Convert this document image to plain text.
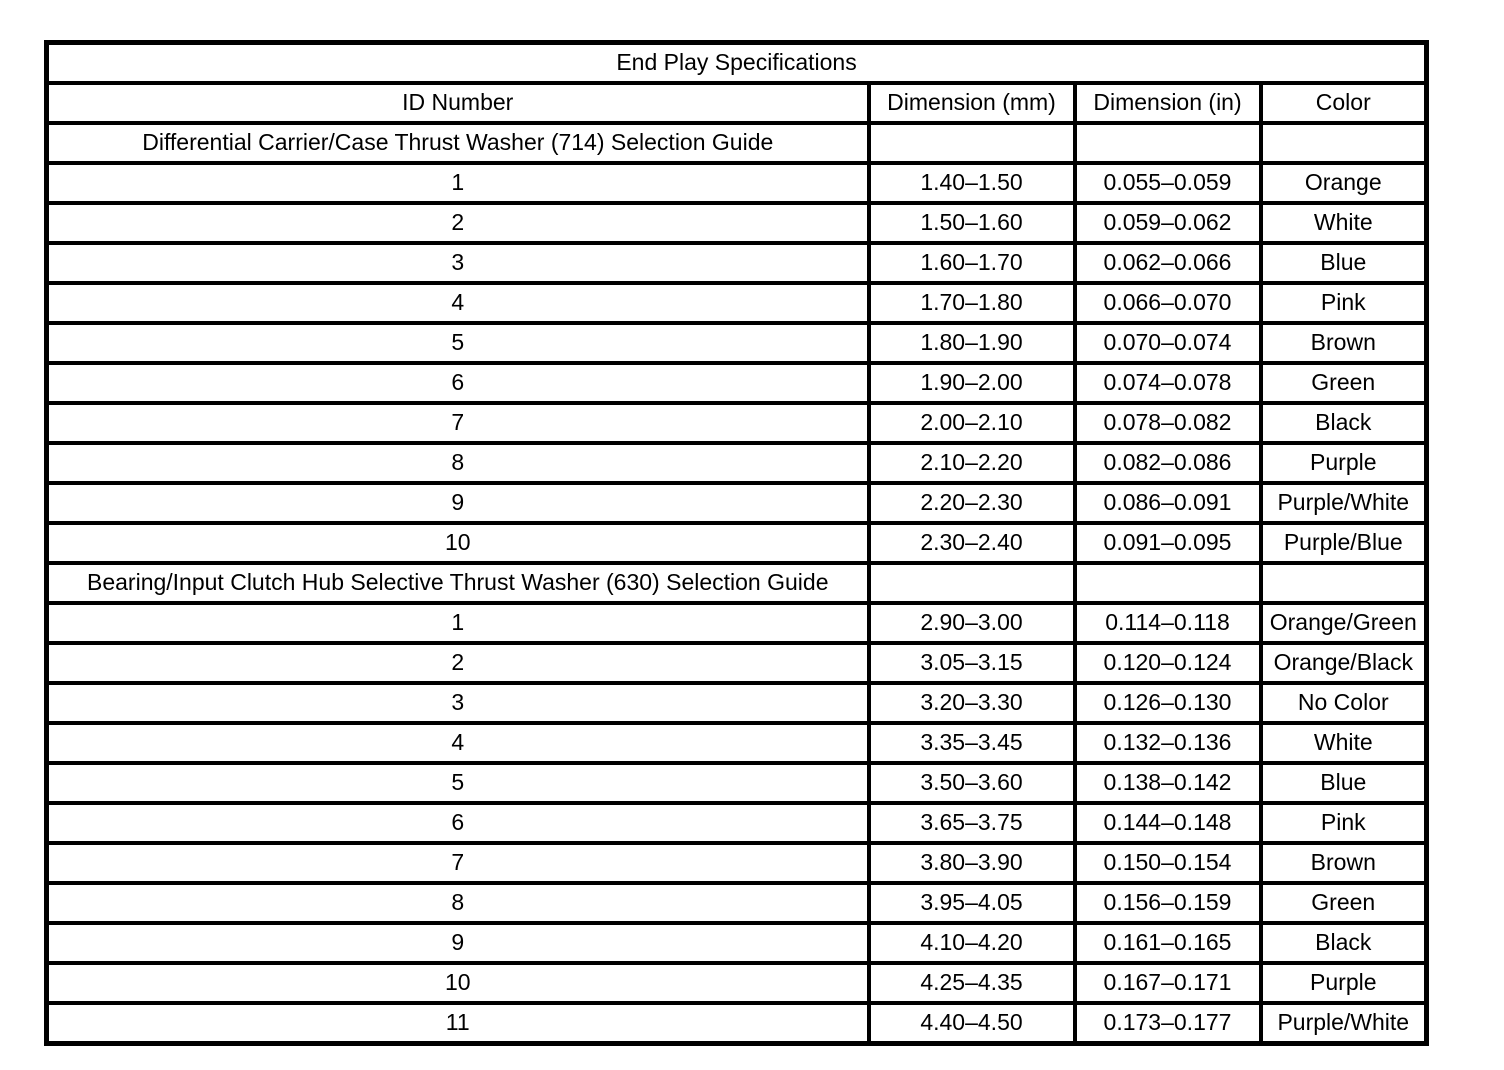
End Play Specifications			
ID Number	Dimension (mm)	Dimension (in)	Color
Differential Carrier/Case Thrust Washer (714) Selection Guide			
1	1.40–1.50	0.055–0.059	Orange
2	1.50–1.60	0.059–0.062	White
3	1.60–1.70	0.062–0.066	Blue
4	1.70–1.80	0.066–0.070	Pink
5	1.80–1.90	0.070–0.074	Brown
6	1.90–2.00	0.074–0.078	Green
7	2.00–2.10	0.078–0.082	Black
8	2.10–2.20	0.082–0.086	Purple
9	2.20–2.30	0.086–0.091	Purple/White
10	2.30–2.40	0.091–0.095	Purple/Blue
Bearing/Input Clutch Hub Selective Thrust Washer (630) Selection Guide			
1	2.90–3.00	0.114–0.118	Orange/Green
2	3.05–3.15	0.120–0.124	Orange/Black
3	3.20–3.30	0.126–0.130	No Color
4	3.35–3.45	0.132–0.136	White
5	3.50–3.60	0.138–0.142	Blue
6	3.65–3.75	0.144–0.148	Pink
7	3.80–3.90	0.150–0.154	Brown
8	3.95–4.05	0.156–0.159	Green
9	4.10–4.20	0.161–0.165	Black
10	4.25–4.35	0.167–0.171	Purple
11	4.40–4.50	0.173–0.177	Purple/White
